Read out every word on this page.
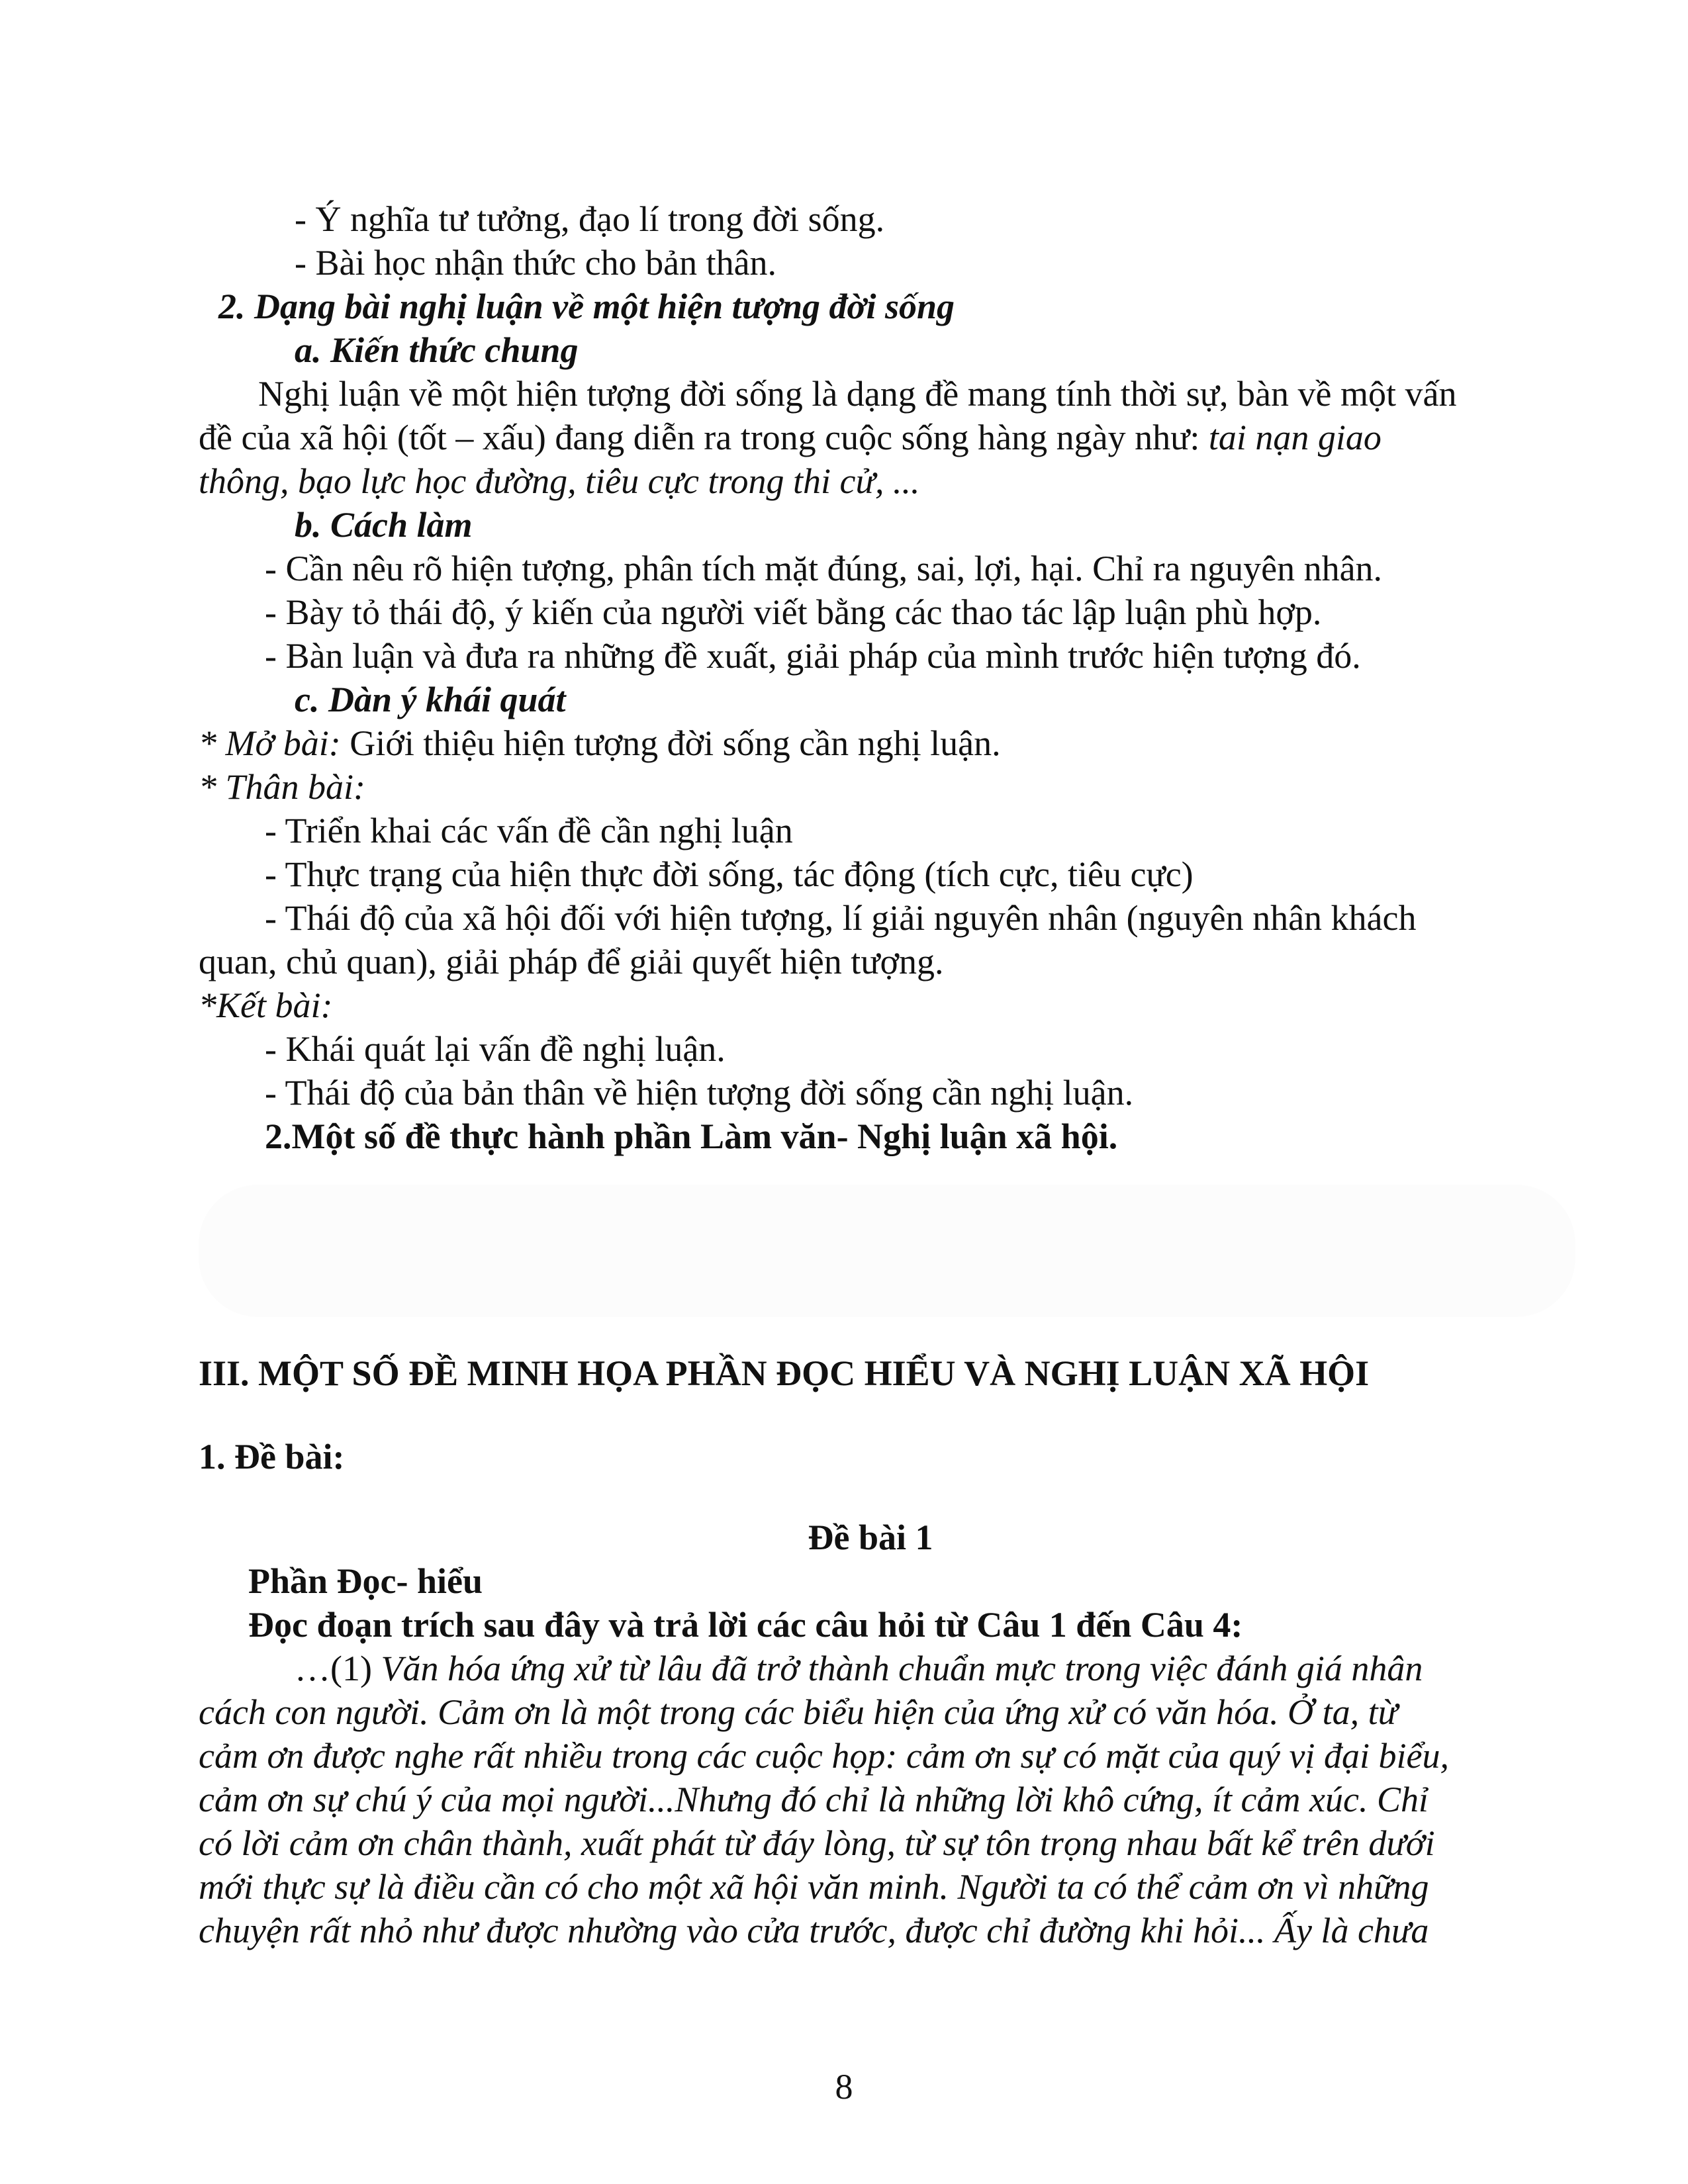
- Ý nghĩa tư tưởng, đạo lí trong đời sống.
- Bài học nhận thức cho bản thân.
2. Dạng bài nghị luận về một hiện tượng đời sống
a. Kiến thức chung
Nghị luận về một hiện tượng đời sống là dạng đề mang tính thời sự, bàn về một vấn
đề của xã hội (tốt – xấu) đang diễn ra trong cuộc sống hàng ngày như: tai nạn giao
thông, bạo lực học đường, tiêu cực trong thi cử, ...
b. Cách làm
- Cần nêu rõ hiện tượng, phân tích mặt đúng, sai, lợi, hại. Chỉ ra nguyên nhân.
- Bày tỏ thái độ, ý kiến của người viết bằng các thao tác lập luận phù hợp.
- Bàn luận và đưa ra những đề xuất, giải pháp của mình trước hiện tượng đó.
c. Dàn ý khái quát
* Mở bài: Giới thiệu hiện tượng đời sống cần nghị luận.
* Thân bài:
- Triển khai các vấn đề cần nghị luận
- Thực trạng của hiện thực đời sống, tác động (tích cực, tiêu cực)
- Thái độ của xã hội đối với hiện tượng, lí giải nguyên nhân (nguyên nhân khách
quan, chủ quan), giải pháp để giải quyết hiện tượng.
*Kết bài:
- Khái quát lại vấn đề nghị luận.
- Thái độ của bản thân về hiện tượng đời sống cần nghị luận.
2.Một số đề thực hành phần Làm văn- Nghị luận xã hội.
III. MỘT SỐ ĐỀ MINH HỌA PHẦN ĐỌC HIỂU VÀ NGHỊ LUẬN XÃ HỘI
1. Đề bài:
Đề bài 1
Phần Đọc- hiểu
Đọc đoạn trích sau đây và trả lời các câu hỏi từ Câu 1 đến Câu 4:
…(1) Văn hóa ứng xử từ lâu đã trở thành chuẩn mực trong việc đánh giá nhân
cách con người. Cảm ơn là một trong các biểu hiện của ứng xử có văn hóa. Ở ta, từ
cảm ơn được nghe rất nhiều trong các cuộc họp: cảm ơn sự có mặt của quý vị đại biểu,
cảm ơn sự chú ý của mọi người...Nhưng đó chỉ là những lời khô cứng, ít cảm xúc. Chỉ
có lời cảm ơn chân thành, xuất phát từ đáy lòng, từ sự tôn trọng nhau bất kể trên dưới
mới thực sự là điều cần có cho một xã hội văn minh. Người ta có thể cảm ơn vì những
chuyện rất nhỏ như được nhường vào cửa trước, được chỉ đường khi hỏi... Ấy là chưa
8
